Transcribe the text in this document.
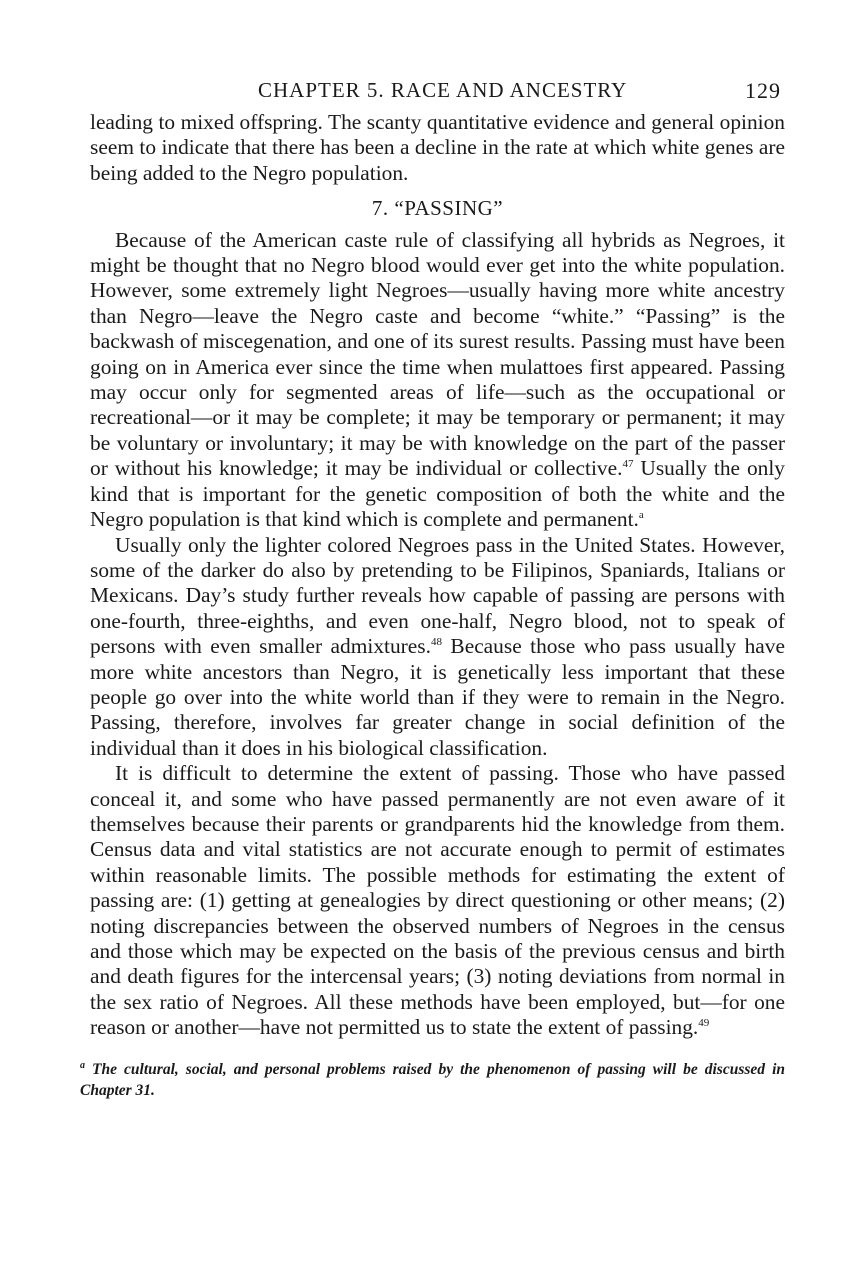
CHAPTER 5. RACE AND ANCESTRY	129

leading to mixed offspring. The scanty quantitative evidence and general opinion seem to indicate that there has been a decline in the rate at which white genes are being added to the Negro population.

7. “PASSING”

Because of the American caste rule of classifying all hybrids as Negroes, it might be thought that no Negro blood would ever get into the white population. However, some extremely light Negroes—usually having more white ancestry than Negro—leave the Negro caste and become “white.” “Passing” is the backwash of miscegenation, and one of its surest results. Passing must have been going on in America ever since the time when mulattoes first appeared. Passing may occur only for segmented areas of life—such as the occupational or recreational—or it may be complete; it may be temporary or permanent; it may be voluntary or involuntary; it may be with knowledge on the part of the passer or without his knowledge; it may be individual or collective.$^{47}$ Usually the only kind that is important for the genetic composition of both the white and the Negro population is that kind which is complete and permanent.$^a$

Usually only the lighter colored Negroes pass in the United States. However, some of the darker do also by pretending to be Filipinos, Spaniards, Italians or Mexicans. Day’s study further reveals how capable of passing are persons with one-fourth, three-eighths, and even one-half, Negro blood, not to speak of persons with even smaller admixtures.$^{48}$ Because those who pass usually have more white ancestors than Negro, it is genetically less important that these people go over into the white world than if they were to remain in the Negro. Passing, therefore, involves far greater change in social definition of the individual than it does in his biological classification.

It is difficult to determine the extent of passing. Those who have passed conceal it, and some who have passed permanently are not even aware of it themselves because their parents or grandparents hid the knowledge from them. Census data and vital statistics are not accurate enough to permit of estimates within reasonable limits. The possible methods for estimating the extent of passing are: (1) getting at genealogies by direct questioning or other means; (2) noting discrepancies between the observed numbers of Negroes in the census and those which may be expected on the basis of the previous census and birth and death figures for the intercensal years; (3) noting deviations from normal in the sex ratio of Negroes. All these methods have been employed, but—for one reason or another—have not permitted us to state the extent of passing.$^{49}$

$^a$ The cultural, social, and personal problems raised by the phenomenon of passing will be discussed in Chapter 31.
